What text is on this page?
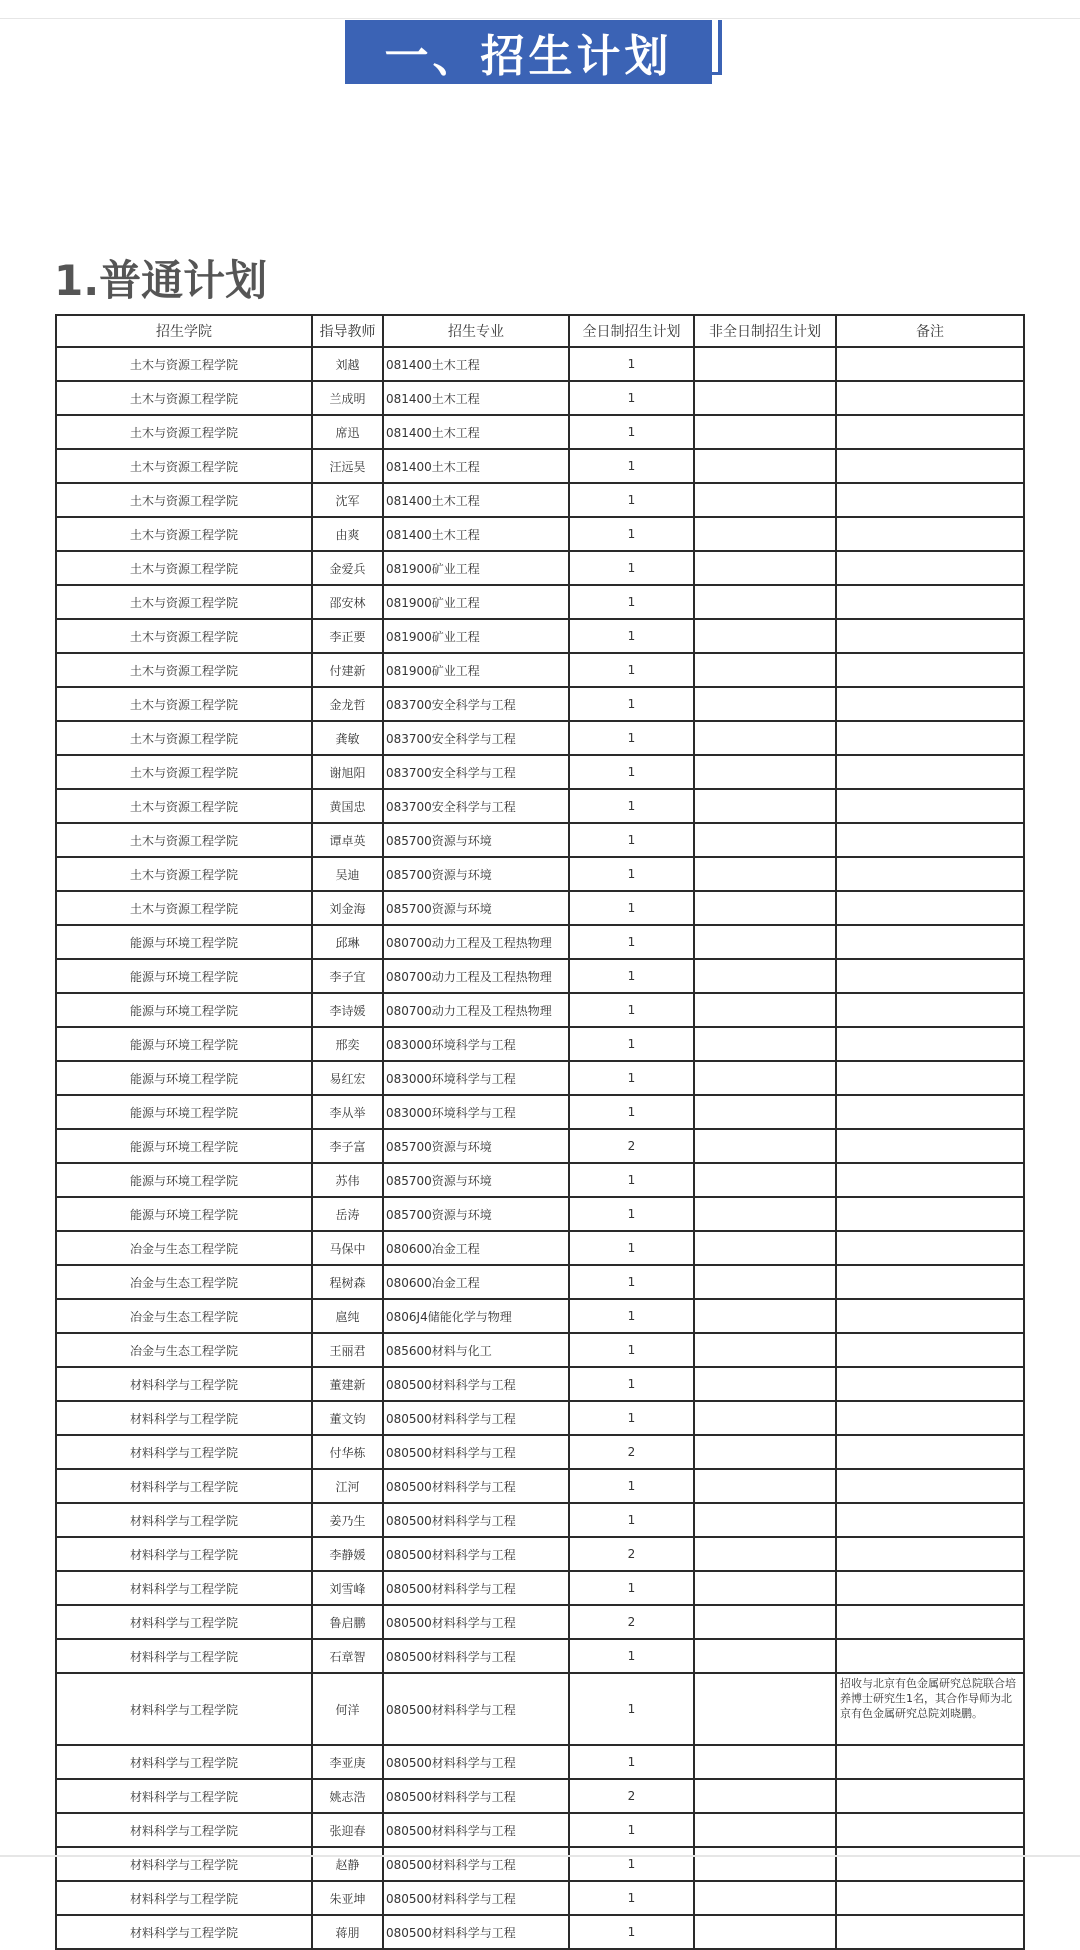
一、招生计划
1.普通计划
招生学院	指导教师	招生专业	全日制招生计划	非全日制招生计划	备注
土木与资源工程学院	刘越	081400土木工程	1		
土木与资源工程学院	兰成明	081400土木工程	1		
土木与资源工程学院	席迅	081400土木工程	1		
土木与资源工程学院	汪远昊	081400土木工程	1		
土木与资源工程学院	沈军	081400土木工程	1		
土木与资源工程学院	由爽	081400土木工程	1		
土木与资源工程学院	金爱兵	081900矿业工程	1		
土木与资源工程学院	邵安林	081900矿业工程	1		
土木与资源工程学院	李正要	081900矿业工程	1		
土木与资源工程学院	付建新	081900矿业工程	1		
土木与资源工程学院	金龙哲	083700安全科学与工程	1		
土木与资源工程学院	龚敏	083700安全科学与工程	1		
土木与资源工程学院	谢旭阳	083700安全科学与工程	1		
土木与资源工程学院	黄国忠	083700安全科学与工程	1		
土木与资源工程学院	谭卓英	085700资源与环境	1		
土木与资源工程学院	吴迪	085700资源与环境	1		
土木与资源工程学院	刘金海	085700资源与环境	1		
能源与环境工程学院	邱琳	080700动力工程及工程热物理	1		
能源与环境工程学院	李子宜	080700动力工程及工程热物理	1		
能源与环境工程学院	李诗媛	080700动力工程及工程热物理	1		
能源与环境工程学院	邢奕	083000环境科学与工程	1		
能源与环境工程学院	易红宏	083000环境科学与工程	1		
能源与环境工程学院	李从举	083000环境科学与工程	1		
能源与环境工程学院	李子富	085700资源与环境	2		
能源与环境工程学院	苏伟	085700资源与环境	1		
能源与环境工程学院	岳涛	085700资源与环境	1		
冶金与生态工程学院	马保中	080600冶金工程	1		
冶金与生态工程学院	程树森	080600冶金工程	1		
冶金与生态工程学院	扈纯	0806J4储能化学与物理	1		
冶金与生态工程学院	王丽君	085600材料与化工	1		
材料科学与工程学院	董建新	080500材料科学与工程	1		
材料科学与工程学院	董文钧	080500材料科学与工程	1		
材料科学与工程学院	付华栋	080500材料科学与工程	2		
材料科学与工程学院	江河	080500材料科学与工程	1		
材料科学与工程学院	姜乃生	080500材料科学与工程	1		
材料科学与工程学院	李静媛	080500材料科学与工程	2		
材料科学与工程学院	刘雪峰	080500材料科学与工程	1		
材料科学与工程学院	鲁启鹏	080500材料科学与工程	2		
材料科学与工程学院	石章智	080500材料科学与工程	1		
材料科学与工程学院	何洋	080500材料科学与工程	1		招收与北京有色金属研究总院联合培养博士研究生1名，其合作导师为北京有色金属研究总院刘晓鹏。
材料科学与工程学院	李亚庚	080500材料科学与工程	1		
材料科学与工程学院	姚志浩	080500材料科学与工程	2		
材料科学与工程学院	张迎春	080500材料科学与工程	1		
材料科学与工程学院	赵静	080500材料科学与工程	1		
材料科学与工程学院	朱亚坤	080500材料科学与工程	1		
材料科学与工程学院	蒋朋	080500材料科学与工程	1		
